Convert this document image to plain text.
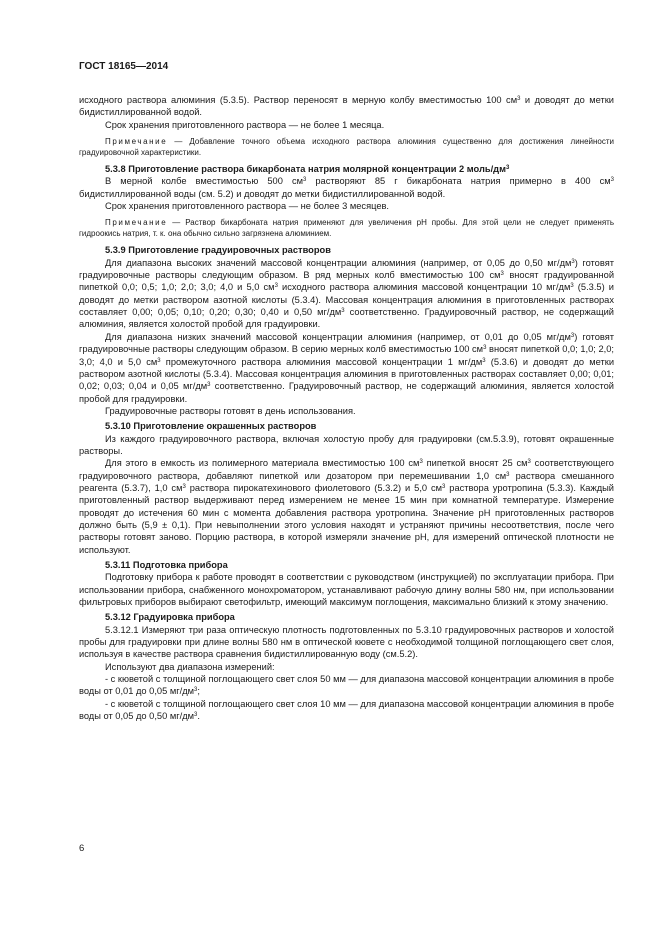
ГОСТ 18165—2014

исходного раствора алюминия (5.3.5). Раствор переносят в мерную колбу вместимостью 100 $см^3$ и доводят до метки бидистиллированной водой.

Срок хранения приготовленного раствора — не более 1 месяца.

Примечание — Добавление точного объема исходного раствора алюминия существенно для достижения линейности градуировочной характеристики.

5.3.8 Приготовление раствора бикарбоната натрия молярной концентрации 2 моль/$дм^3$

В мерной колбе вместимостью 500 $см^3$ растворяют 85 г бикарбоната натрия примерно в 400 $см^3$ бидистиллированной воды (см. 5.2) и доводят до метки бидистиллированной водой.

Срок хранения приготовленного раствора — не более 3 месяцев.

Примечание — Раствор бикарбоната натрия применяют для увеличения pH пробы. Для этой цели не следует применять гидроокись натрия, т. к. она обычно сильно загрязнена алюминием.

5.3.9 Приготовление градуировочных растворов

Для диапазона высоких значений массовой концентрации алюминия (например, от 0,05 до 0,50 $мг/дм^3$) готовят градуировочные растворы следующим образом. В ряд мерных колб вместимостью 100 $см^3$ вносят градуированной пипеткой 0,0; 0,5; 1,0; 2,0; 3,0; 4,0 и 5,0 $см^3$ исходного раствора алюминия массовой концентрации 10 $мг/дм^3$ (5.3.5) и доводят до метки раствором азотной кислоты (5.3.4). Массовая концентрация алюминия в приготовленных растворах составляет 0,00; 0,05; 0,10; 0,20; 0,30; 0,40 и 0,50 $мг/дм^3$ соответственно. Градуировочный раствор, не содержащий алюминия, является холостой пробой для градуировки.

Для диапазона низких значений массовой концентрации алюминия (например, от 0,01 до 0,05 $мг/дм^3$) готовят градуировочные растворы следующим образом. В серию мерных колб вместимостью 100 $см^3$ вносят пипеткой 0,0; 1,0; 2,0; 3,0; 4,0 и 5,0 $см^3$ промежуточного раствора алюминия массовой концентрации 1 $мг/дм^3$ (5.3.6) и доводят до метки раствором азотной кислоты (5.3.4). Массовая концентрация алюминия в приготовленных растворах составляет 0,00; 0,01; 0,02; 0,03; 0,04 и 0,05 $мг/дм^3$ соответственно. Градуировочный раствор, не содержащий алюминия, является холостой пробой для градуировки.

Градуировочные растворы готовят в день использования.

5.3.10 Приготовление окрашенных растворов

Из каждого градуировочного раствора, включая холостую пробу для градуировки (см.5.3.9), готовят окрашенные растворы.

Для этого в емкость из полимерного материала вместимостью 100 $см^3$ пипеткой вносят 25 $см^3$ соответствующего градуировочного раствора, добавляют пипеткой или дозатором при перемешивании 1,0 $см^3$ раствора смешанного реагента (5.3.7), 1,0 $см^3$ раствора пирокатехинового фиолетового (5.3.2) и 5,0 $см^3$ раствора уротропина (5.3.3). Каждый приготовленный раствор выдерживают перед измерением не менее 15 мин при комнатной температуре. Измерение проводят до истечения 60 мин с момента добавления раствора уротропина. Значение pH приготовленных растворов должно быть (5,9 ± 0,1). При невыполнении этого условия находят и устраняют причины несоответствия, после чего растворы готовят заново. Порцию раствора, в которой измеряли значение pH, для измерений оптической плотности не используют.

5.3.11 Подготовка прибора

Подготовку прибора к работе проводят в соответствии с руководством (инструкцией) по эксплуатации прибора. При использовании прибора, снабженного монохроматором, устанавливают рабочую длину волны 580 нм, при использовании фильтровых приборов выбирают светофильтр, имеющий максимум поглощения, максимально близкий к этому значению.

5.3.12 Градуировка прибора

5.3.12.1 Измеряют три раза оптическую плотность подготовленных по 5.3.10 градуировочных растворов и холостой пробы для градуировки при длине волны 580 нм в оптической кювете с необходимой толщиной поглощающего свет слоя, используя в качестве раствора сравнения бидистиллированную воду (см.5.2).

Используют два диапазона измерений:

- с кюветой с толщиной поглощающего свет слоя 50 мм — для диапазона массовой концентрации алюминия в пробе воды от 0,01 до 0,05 $мг/дм^3$;

- с кюветой с толщиной поглощающего свет слоя 10 мм — для диапазона массовой концентрации алюминия в пробе воды от 0,05 до 0,50 $мг/дм^3$.

6
